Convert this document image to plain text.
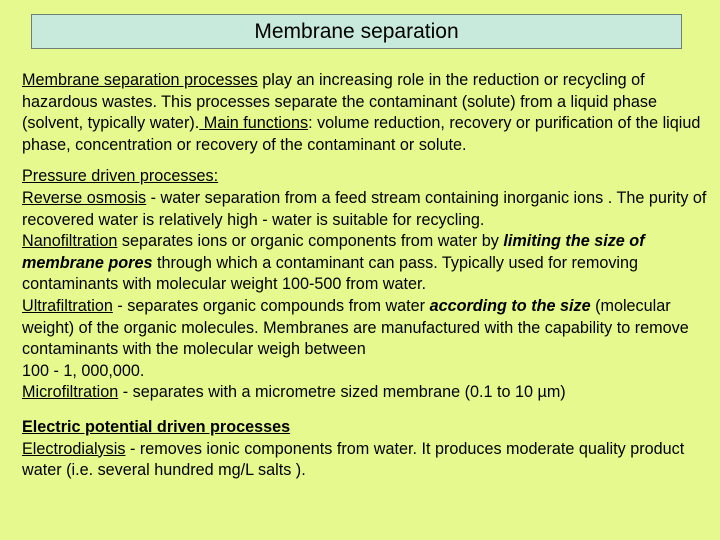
Membrane separation

Membrane separation processes play an increasing role in the reduction or recycling of hazardous wastes. This processes separate the contaminant (solute) from a liquid phase (solvent, typically water). Main functions: volume reduction, recovery or purification of the liqiud phase, concentration or recovery of the contaminant or solute.

Pressure driven processes:
Reverse osmosis - water separation from a feed stream containing inorganic ions . The purity of recovered water is relatively high - water is suitable for recycling.
Nanofiltration separates ions or organic components from water by limiting the size of membrane pores through which a contaminant can pass. Typically used for removing contaminants with molecular weight 100-500 from water.
Ultrafiltration - separates organic compounds from water according to the size (molecular weight) of the organic molecules. Membranes are manufactured with the capability to remove contaminants with the molecular weigh between
100 - 1, 000,000.
Microfiltration - separates with a micrometre sized membrane (0.1 to 10 µm)

Electric potential driven processes
Electrodialysis - removes ionic components from water. It produces moderate quality product water (i.e. several hundred mg/L salts ).
